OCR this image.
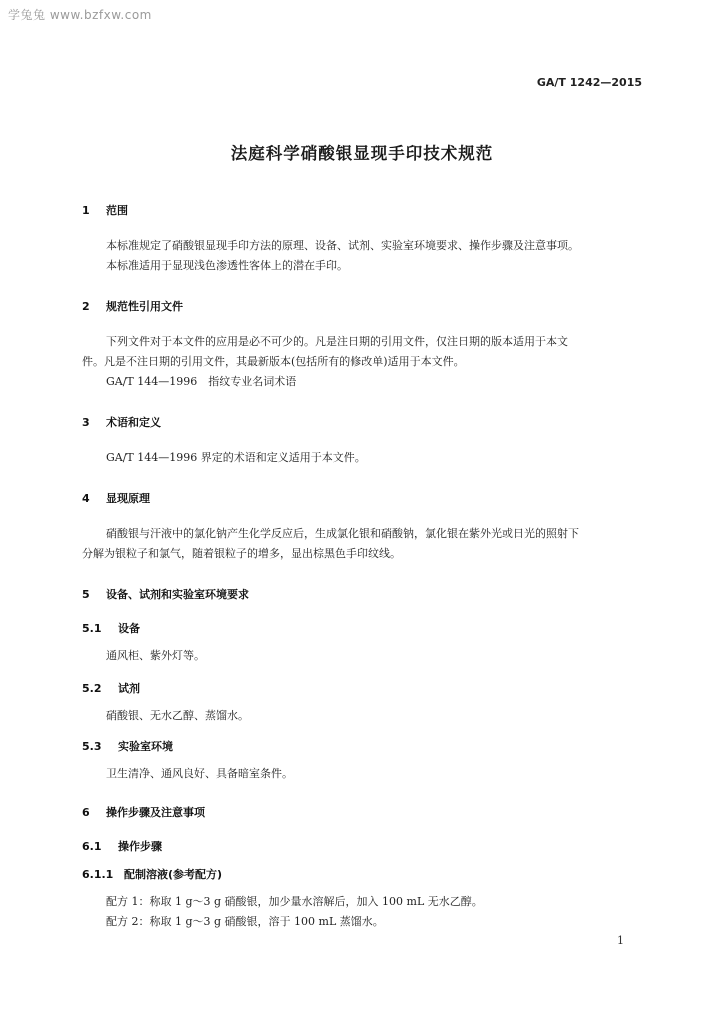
学兔兔 www.bzfxw.com
GA/T 1242—2015
法庭科学硝酸银显现手印技术规范
1 范围
本标准规定了硝酸银显现手印方法的原理、设备、试剂、实验室环境要求、操作步骤及注意事项。
本标准适用于显现浅色渗透性客体上的潜在手印。
2 规范性引用文件
下列文件对于本文件的应用是必不可少的。凡是注日期的引用文件，仅注日期的版本适用于本文
件。凡是不注日期的引用文件，其最新版本(包括所有的修改单)适用于本文件。
GA/T 144—1996　指纹专业名词术语
3 术语和定义
GA/T 144—1996 界定的术语和定义适用于本文件。
4 显现原理
硝酸银与汗液中的氯化钠产生化学反应后，生成氯化银和硝酸钠，氯化银在紫外光或日光的照射下
分解为银粒子和氯气，随着银粒子的增多，显出棕黑色手印纹线。
5 设备、试剂和实验室环境要求
5.1 设备
通风柜、紫外灯等。
5.2 试剂
硝酸银、无水乙醇、蒸馏水。
5.3 实验室环境
卫生清净、通风良好、具备暗室条件。
6 操作步骤及注意事项
6.1 操作步骤
6.1.1 配制溶液(参考配方)
配方 1：称取 1 g～3 g 硝酸银，加少量水溶解后，加入 100 mL 无水乙醇。
配方 2：称取 1 g～3 g 硝酸银，溶于 100 mL 蒸馏水。
1
